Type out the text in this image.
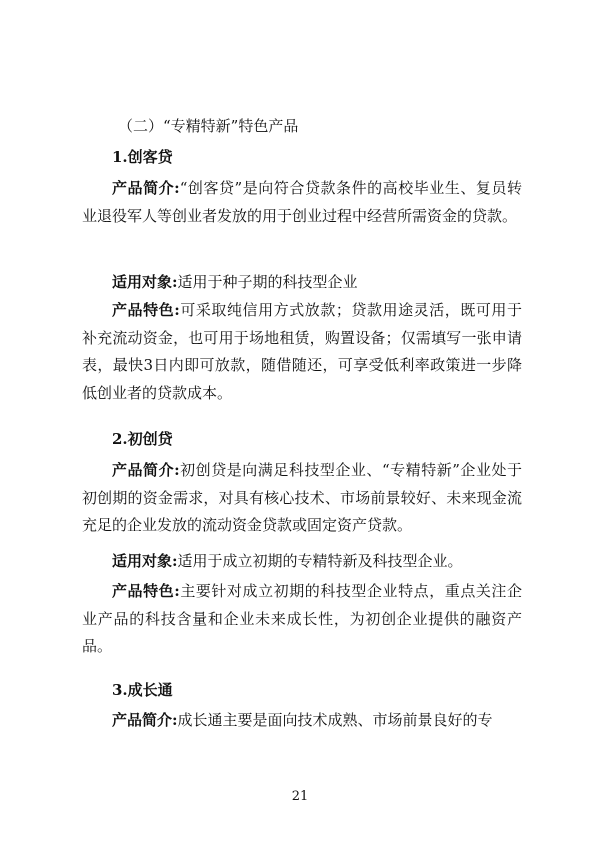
（二）“专精特新”特色产品
1.创客贷

产品简介:“创客贷”是向符合贷款条件的高校毕业生、复员转业退役军人等创业者发放的用于创业过程中经营所需资金的贷款。

适用对象:适用于种子期的科技型企业

产品特色:可采取纯信用方式放款；贷款用途灵活，既可用于补充流动资金，也可用于场地租赁，购置设备；仅需填写一张申请表，最快3日内即可放款，随借随还，可享受低利率政策进一步降低创业者的贷款成本。

2.初创贷

产品简介:初创贷是向满足科技型企业、“专精特新”企业处于初创期的资金需求，对具有核心技术、市场前景较好、未来现金流充足的企业发放的流动资金贷款或固定资产贷款。

适用对象:适用于成立初期的专精特新及科技型企业。

产品特色:主要针对成立初期的科技型企业特点，重点关注企业产品的科技含量和企业未来成长性，为初创企业提供的融资产品。

3.成长通

产品简介:成长通主要是面向技术成熟、市场前景良好的专

21
